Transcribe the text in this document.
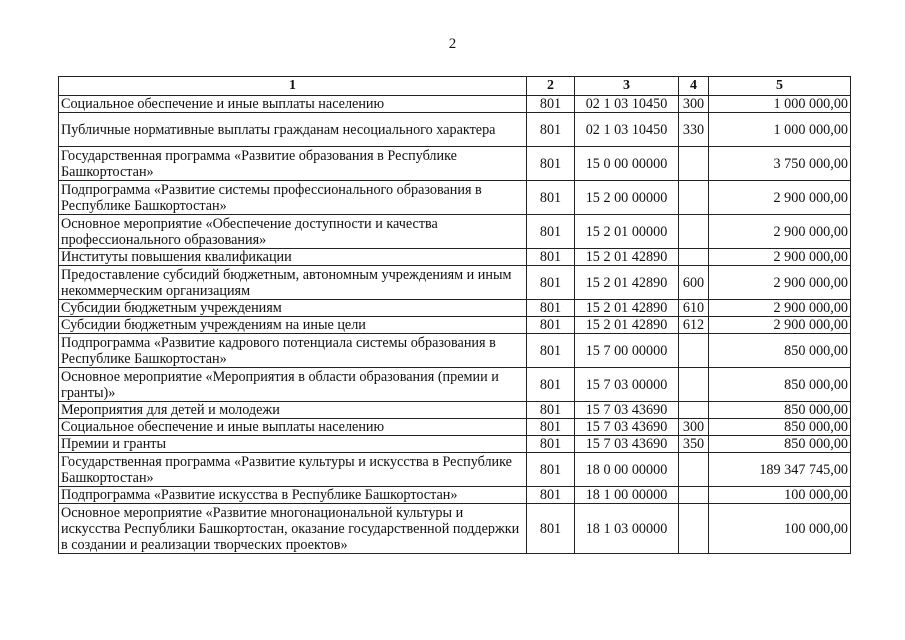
2
1	2	3	4	5
Социальное обеспечение и иные выплаты населению	801	02 1 03 10450	300	1 000 000,00
Публичные нормативные выплаты гражданам несоциального характера	801	02 1 03 10450	330	1 000 000,00
Государственная программа «Развитие образования в Республике Башкортостан»	801	15 0 00 00000		3 750 000,00
Подпрограмма «Развитие системы профессионального образования в Республике Башкортостан»	801	15 2 00 00000		2 900 000,00
Основное мероприятие «Обеспечение доступности и качества профессионального образования»	801	15 2 01 00000		2 900 000,00
Институты повышения квалификации	801	15 2 01 42890		2 900 000,00
Предоставление субсидий бюджетным, автономным учреждениям и иным некоммерческим организациям	801	15 2 01 42890	600	2 900 000,00
Субсидии бюджетным учреждениям	801	15 2 01 42890	610	2 900 000,00
Субсидии бюджетным учреждениям на иные цели	801	15 2 01 42890	612	2 900 000,00
Подпрограмма «Развитие кадрового потенциала системы образования в Республике Башкортостан»	801	15 7 00 00000		850 000,00
Основное мероприятие «Мероприятия в области образования (премии и гранты)»	801	15 7 03 00000		850 000,00
Мероприятия для детей и молодежи	801	15 7 03 43690		850 000,00
Социальное обеспечение и иные выплаты населению	801	15 7 03 43690	300	850 000,00
Премии и гранты	801	15 7 03 43690	350	850 000,00
Государственная программа «Развитие культуры и искусства в Республике Башкортостан»	801	18 0 00 00000		189 347 745,00
Подпрограмма «Развитие искусства в Республике Башкортостан»	801	18 1 00 00000		100 000,00
Основное мероприятие «Развитие многонациональной культуры и искусства Республики Башкортостан, оказание государственной поддержки в создании и реализации творческих проектов»	801	18 1 03 00000		100 000,00
